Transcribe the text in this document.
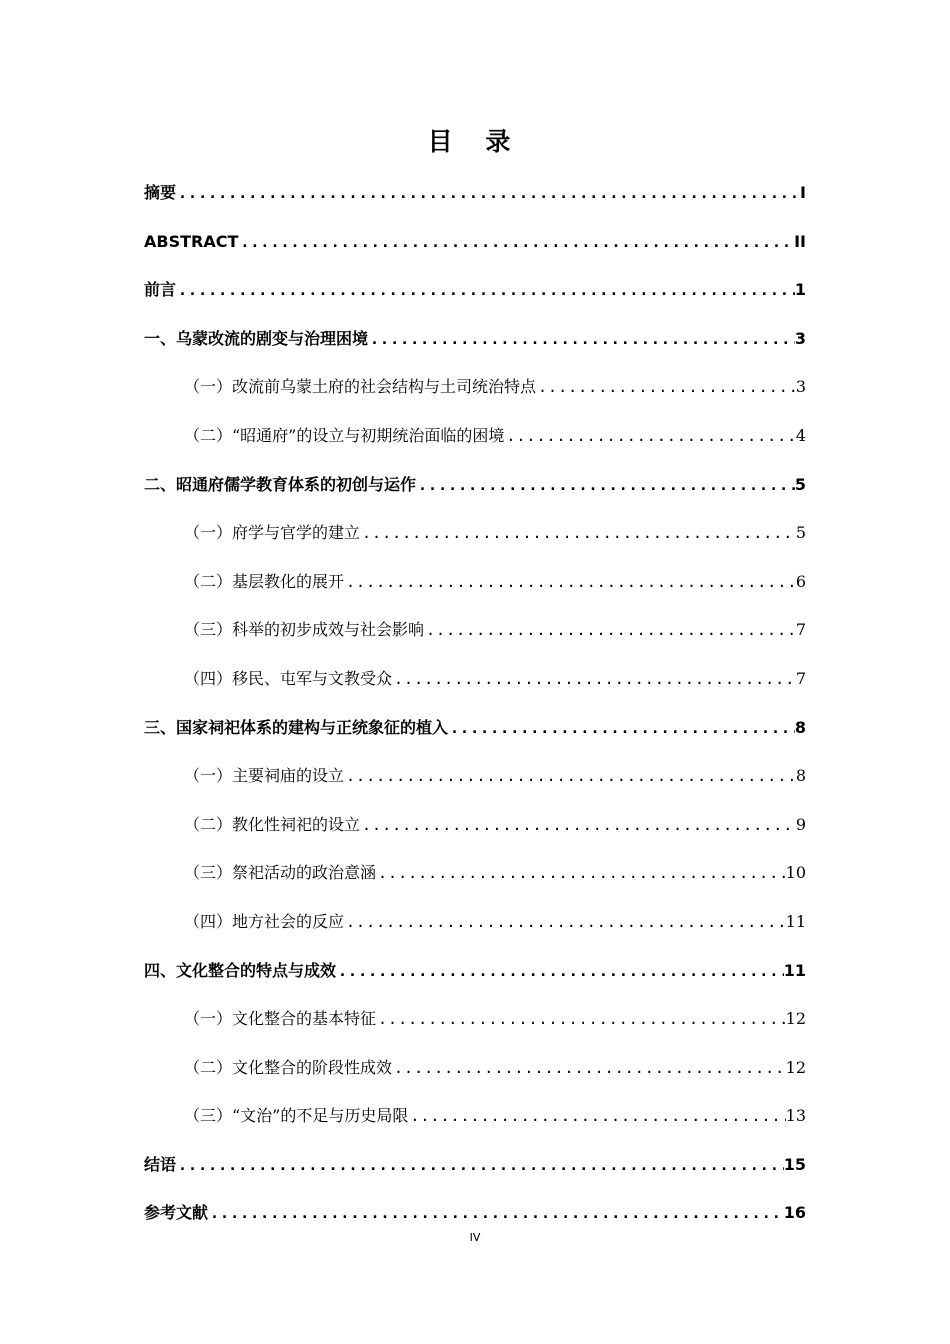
目 录
摘要 .....	I
ABSTRACT .....	II
前言 .....	1
一、乌蒙改流的剧变与治理困境 .....	3
（一）改流前乌蒙土府的社会结构与土司统治特点 .....	3
（二）“昭通府”的设立与初期统治面临的困境 .....	4
二、昭通府儒学教育体系的初创与运作 .....	5
（一）府学与官学的建立 .....	5
（二）基层教化的展开 .....	6
（三）科举的初步成效与社会影响 .....	7
（四）移民、屯军与文教受众 .....	7
三、国家祠祀体系的建构与正统象征的植入 .....	8
（一）主要祠庙的设立 .....	8
（二）教化性祠祀的设立 .....	9
（三）祭祀活动的政治意涵 .....	10
（四）地方社会的反应 .....	11
四、文化整合的特点与成效 .....	11
（一）文化整合的基本特征 .....	12
（二）文化整合的阶段性成效 .....	12
（三）“文治”的不足与历史局限 .....	13
结语 .....	15
参考文献 .....	16
IV
